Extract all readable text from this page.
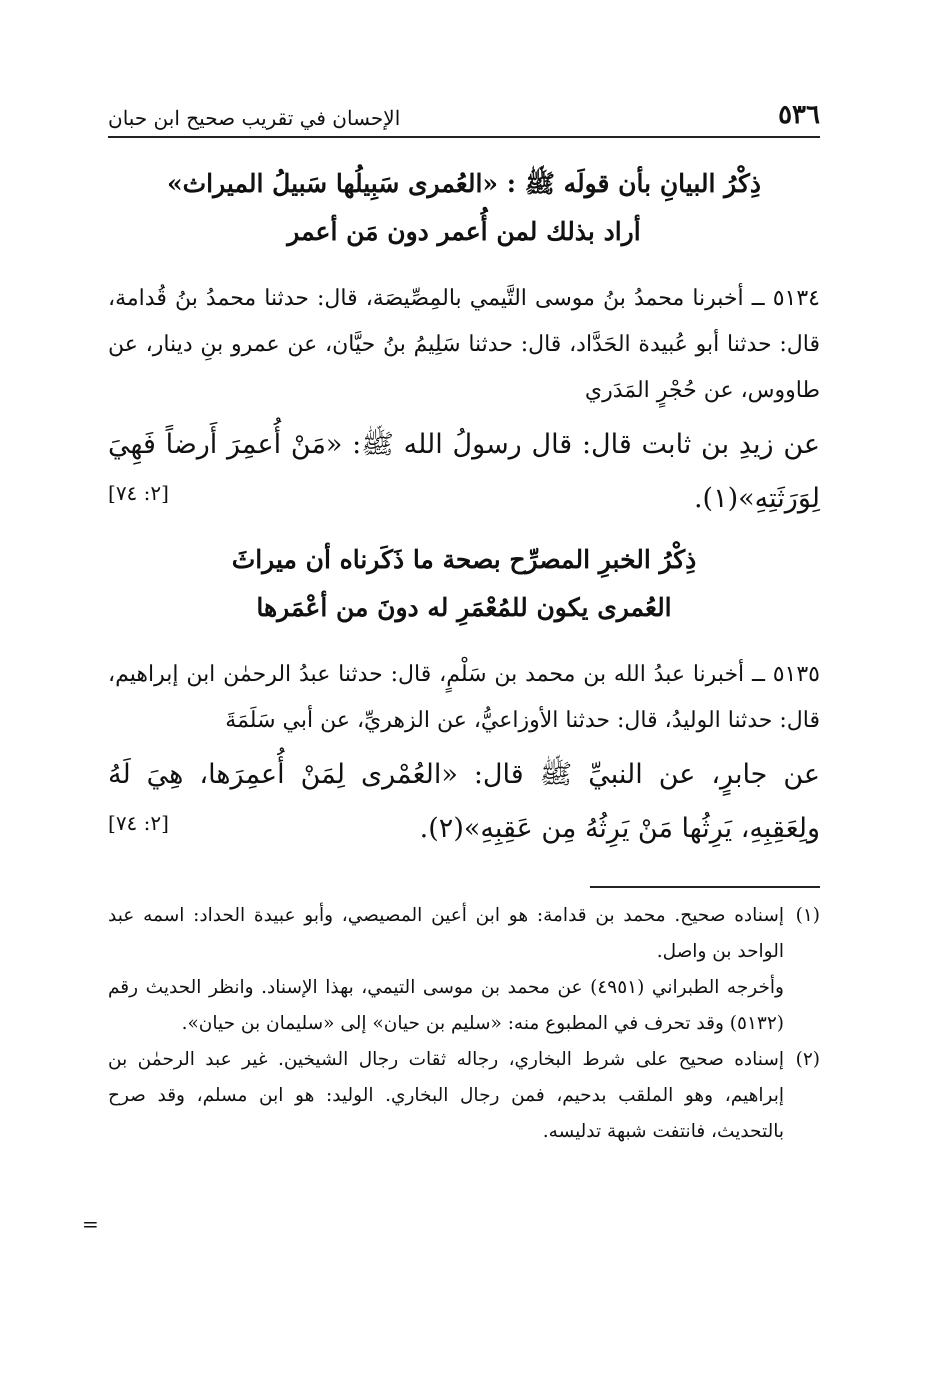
٥٣٦
الإحسان في تقريب صحيح ابن حبان
ذِكْرُ البيانِ بأن قولَه ﷺ : «العُمرى سَبِيلُها سَبيلُ الميراث»
أراد بذلك لمن أُعمر دون مَن أعمر

٥١٣٤ ــ أخبرنا محمدُ بنُ موسى التَّيمي بالمِصِّيصَة، قال: حدثنا محمدُ بنُ قُدامة، قال: حدثنا أبو عُبيدة الحَدَّاد، قال: حدثنا سَلِيمُ بنُ حيَّان، عن عمرو بنِ دينار، عن طاووس، عن حُجْرٍ المَدَري

عن زيدِ بن ثابت قال: قال رسولُ الله ﷺ: «مَنْ أُعمِرَ أَرضاً فَهِيَ لِوَرَثَتِهِ»(١).
[٢: ٧٤]
ذِكْرُ الخبرِ المصرِّح بصحة ما ذَكَرناه أن ميراثَ
العُمرى يكون للمُعْمَرِ له دونَ من أعْمَرها

٥١٣٥ ــ أخبرنا عبدُ الله بن محمد بن سَلْمٍ، قال: حدثنا عبدُ الرحمٰن ابن إبراهيم، قال: حدثنا الوليدُ، قال: حدثنا الأوزاعيُّ، عن الزهريِّ، عن أبي سَلَمَةَ

عن جابرٍ، عن النبيِّ ﷺ قال: «العُمْرى لِمَنْ أُعمِرَها، هِيَ لَهُ ولِعَقِبِهِ، يَرِثُها مَنْ يَرِثُهُ مِن عَقِبِهِ»(٢).
[٢: ٧٤]
(١)
إسناده صحيح. محمد بن قدامة: هو ابن أعين المصيصي، وأبو عبيدة الحداد: اسمه عبد الواحد بن واصل.

وأخرجه الطبراني (٤٩٥١) عن محمد بن موسى التيمي، بهذا الإسناد. وانظر الحديث رقم (٥١٣٢) وقد تحرف في المطبوع منه: «سليم بن حيان» إلى «سليمان بن حيان».

(٢)
إسناده صحيح على شرط البخاري، رجاله ثقات رجال الشيخين. غير عبد الرحمٰن بن إبراهيم، وهو الملقب بدحيم، فمن رجال البخاري. الوليد: هو ابن مسلم، وقد صرح بالتحديث، فانتفت شبهة تدليسه.
=
